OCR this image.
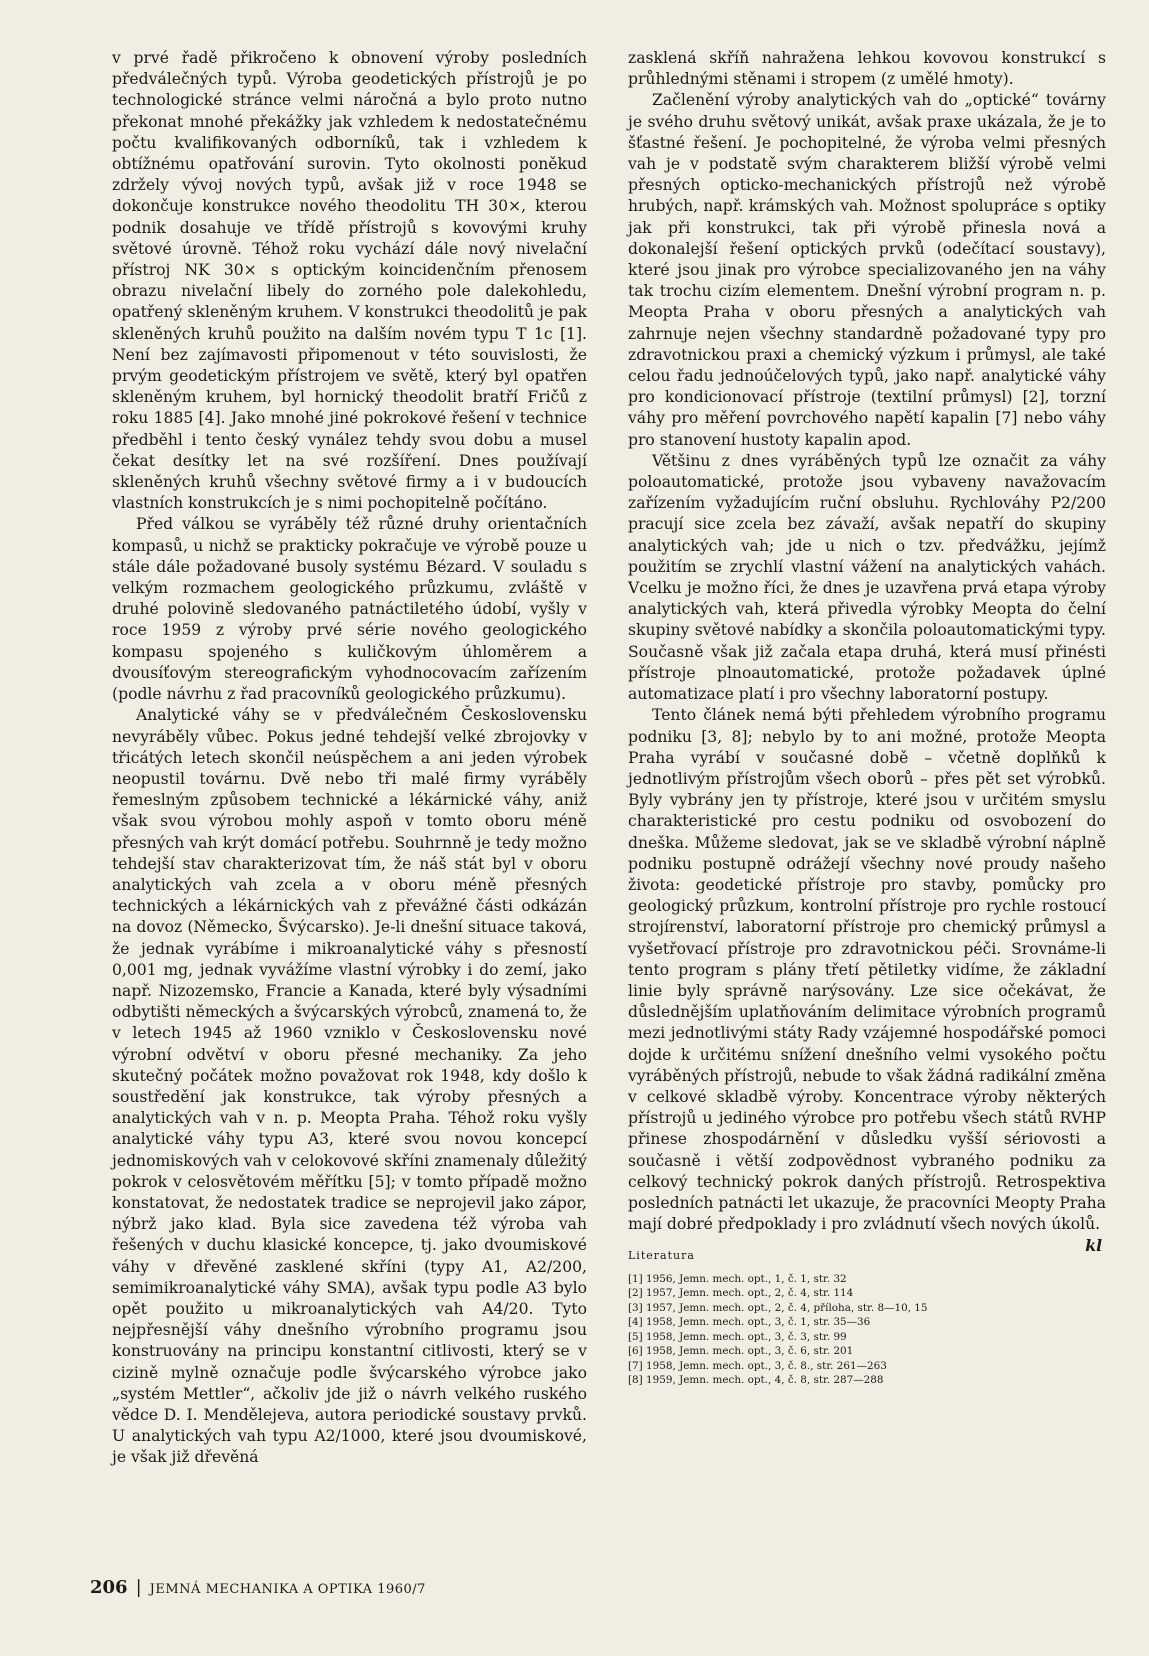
v prvé řadě přikročeno k obnovení výroby posledních předválečných typů. Výroba geodetických přístrojů je po technologické stránce velmi náročná a bylo proto nutno překonat mnohé překážky jak vzhledem k nedostatečnému počtu kvalifikovaných odborníků, tak i vzhledem k obtížnému opatřování surovin. Tyto okolnosti poněkud zdržely vývoj nových typů, avšak již v roce 1948 se dokončuje konstrukce nového theodolitu TH 30×, kterou podnik dosahuje ve třídě přístrojů s kovovými kruhy světové úrovně. Téhož roku vychází dále nový nivelační přístroj NK 30× s optickým koincidenčním přenosem obrazu nivelační libely do zorného pole dalekohledu, opatřený skleněným kruhem. V konstrukci theodolitů je pak skleněných kruhů použito na dalším novém typu T 1c [1]. Není bez zajímavosti připomenout v této souvislosti, že prvým geodetickým přístrojem ve světě, který byl opatřen skleněným kruhem, byl hornický theodolit bratří Fričů z roku 1885 [4]. Jako mnohé jiné pokrokové řešení v technice předběhl i tento český vynález tehdy svou dobu a musel čekat desítky let na své rozšíření. Dnes používají skleněných kruhů všechny světové firmy a i v budoucích vlastních konstrukcích je s nimi pochopitelně počítáno.

Před válkou se vyráběly též různé druhy orientačních kompasů, u nichž se prakticky pokračuje ve výrobě pouze u stále dále požadované busoly systému Bézard. V souladu s velkým rozmachem geologického průzkumu, zvláště v druhé polovině sledovaného patnáctiletého údobí, vyšly v roce 1959 z výroby prvé série nového geologického kompasu spojeného s kuličkovým úhloměrem a dvousíťovým stereografickým vyhodnocovacím zařízením (podle návrhu z řad pracovníků geologického průzkumu).

Analytické váhy se v předválečném Československu nevyráběly vůbec. Pokus jedné tehdejší velké zbrojovky v třicátých letech skončil neúspěchem a ani jeden výrobek neopustil továrnu. Dvě nebo tři malé firmy vyráběly řemeslným způsobem technické a lékárnické váhy, aniž však svou výrobou mohly aspoň v tomto oboru méně přesných vah krýt domácí potřebu. Souhrnně je tedy možno tehdejší stav charakterizovat tím, že náš stát byl v oboru analytických vah zcela a v oboru méně přesných technických a lékárnických vah z převážné části odkázán na dovoz (Německo, Švýcarsko). Je-li dnešní situace taková, že jednak vyrábíme i mikroanalytické váhy s přesností 0,001 mg, jednak vyvážíme vlastní výrobky i do zemí, jako např. Nizozemsko, Francie a Kanada, které byly výsadními odbytišti německých a švýcarských výrobců, znamená to, že v letech 1945 až 1960 vzniklo v Československu nové výrobní odvětví v oboru přesné mechaniky. Za jeho skutečný počátek možno považovat rok 1948, kdy došlo k soustředění jak konstrukce, tak výroby přesných a analytických vah v n. p. Meopta Praha. Téhož roku vyšly analytické váhy typu A3, které svou novou koncepcí jednomiskových vah v celokovové skříni znamenaly důležitý pokrok v celosvětovém měřítku [5]; v tomto případě možno konstatovat, že nedostatek tradice se neprojevil jako zápor, nýbrž jako klad. Byla sice zavedena též výroba vah řešených v duchu klasické koncepce, tj. jako dvoumiskové váhy v dřevěné zasklené skříni (typy A1, A2/200, semimikroanalytické váhy SMA), avšak typu podle A3 bylo opět použito u mikroanalytických vah A4/20. Tyto nejpřesnější váhy dnešního výrobního programu jsou konstruovány na principu konstantní citlivosti, který se v cizině mylně označuje podle švýcarského výrobce jako „systém Mettler“, ačkoliv jde již o návrh velkého ruského vědce D. I. Mendělejeva, autora periodické soustavy prvků. U analytických vah typu A2/1000, které jsou dvoumiskové, je však již dřevěná

zasklená skříň nahražena lehkou kovovou konstrukcí s průhlednými stěnami i stropem (z umělé hmoty).

Začlenění výroby analytických vah do „optické“ továrny je svého druhu světový unikát, avšak praxe ukázala, že je to šťastné řešení. Je pochopitelné, že výroba velmi přesných vah je v podstatě svým charakterem bližší výrobě velmi přesných opticko-mechanických přístrojů než výrobě hrubých, např. krámských vah. Možnost spolupráce s optiky jak při konstrukci, tak při výrobě přinesla nová a dokonalejší řešení optických prvků (odečítací soustavy), které jsou jinak pro výrobce specializovaného jen na váhy tak trochu cizím elementem. Dnešní výrobní program n. p. Meopta Praha v oboru přesných a analytických vah zahrnuje nejen všechny standardně požadované typy pro zdravotnickou praxi a chemický výzkum i průmysl, ale také celou řadu jednoúčelových typů, jako např. analytické váhy pro kondicionovací přístroje (textilní průmysl) [2], torzní váhy pro měření povrchového napětí kapalin [7] nebo váhy pro stanovení hustoty kapalin apod.

Většinu z dnes vyráběných typů lze označit za váhy poloautomatické, protože jsou vybaveny navažovacím zařízením vyžadujícím ruční obsluhu. Rychlováhy P2/200 pracují sice zcela bez závaží, avšak nepatří do skupiny analytických vah; jde u nich o tzv. předvážku, jejímž použitím se zrychlí vlastní vážení na analytických vahách. Vcelku je možno říci, že dnes je uzavřena prvá etapa výroby analytických vah, která přivedla výrobky Meopta do čelní skupiny světové nabídky a skončila poloautomatickými typy. Současně však již začala etapa druhá, která musí přinésti přístroje plnoautomatické, protože požadavek úplné automatizace platí i pro všechny laboratorní postupy.

Tento článek nemá býti přehledem výrobního programu podniku [3, 8]; nebylo by to ani možné, protože Meopta Praha vyrábí v současné době – včetně doplňků k jednotlivým přístrojům všech oborů – přes pět set výrobků. Byly vybrány jen ty přístroje, které jsou v určitém smyslu charakteristické pro cestu podniku od osvobození do dneška. Můžeme sledovat, jak se ve skladbě výrobní náplně podniku postupně odrážejí všechny nové proudy našeho života: geodetické přístroje pro stavby, pomůcky pro geologický průzkum, kontrolní přístroje pro rychle rostoucí strojírenství, laboratorní přístroje pro chemický průmysl a vyšetřovací přístroje pro zdravotnickou péči. Srovnáme-li tento program s plány třetí pětiletky vidíme, že základní linie byly správně narýsovány. Lze sice očekávat, že důslednějším uplatňováním delimitace výrobních programů mezi jednotlivými státy Rady vzájemné hospodářské pomoci dojde k určitému snížení dnešního velmi vysokého počtu vyráběných přístrojů, nebude to však žádná radikální změna v celkové skladbě výroby. Koncentrace výroby některých přístrojů u jediného výrobce pro potřebu všech států RVHP přinese zhospodárnění v důsledku vyšší sériovosti a současně i větší zodpovědnost vybraného podniku za celkový technický pokrok daných přístrojů. Retrospektiva posledních patnácti let ukazuje, že pracovníci Meopty Praha mají dobré předpoklady i pro zvládnutí všech nových úkolů.
kl

Literatura
[1] 1956, Jemn. mech. opt., 1, č. 1, str. 32
[2] 1957, Jemn. mech. opt., 2, č. 4, str. 114
[3] 1957, Jemn. mech. opt., 2, č. 4, příloha, str. 8—10, 15
[4] 1958, Jemn. mech. opt., 3, č. 1, str. 35—36
[5] 1958, Jemn. mech. opt., 3, č. 3, str. 99
[6] 1958, Jemn. mech. opt., 3, č. 6, str. 201
[7] 1958, Jemn. mech. opt., 3, č. 8., str. 261—263
[8] 1959, Jemn. mech. opt., 4, č. 8, str. 287—288
206 | JEMNÁ MECHANIKA A OPTIKA 1960/7
